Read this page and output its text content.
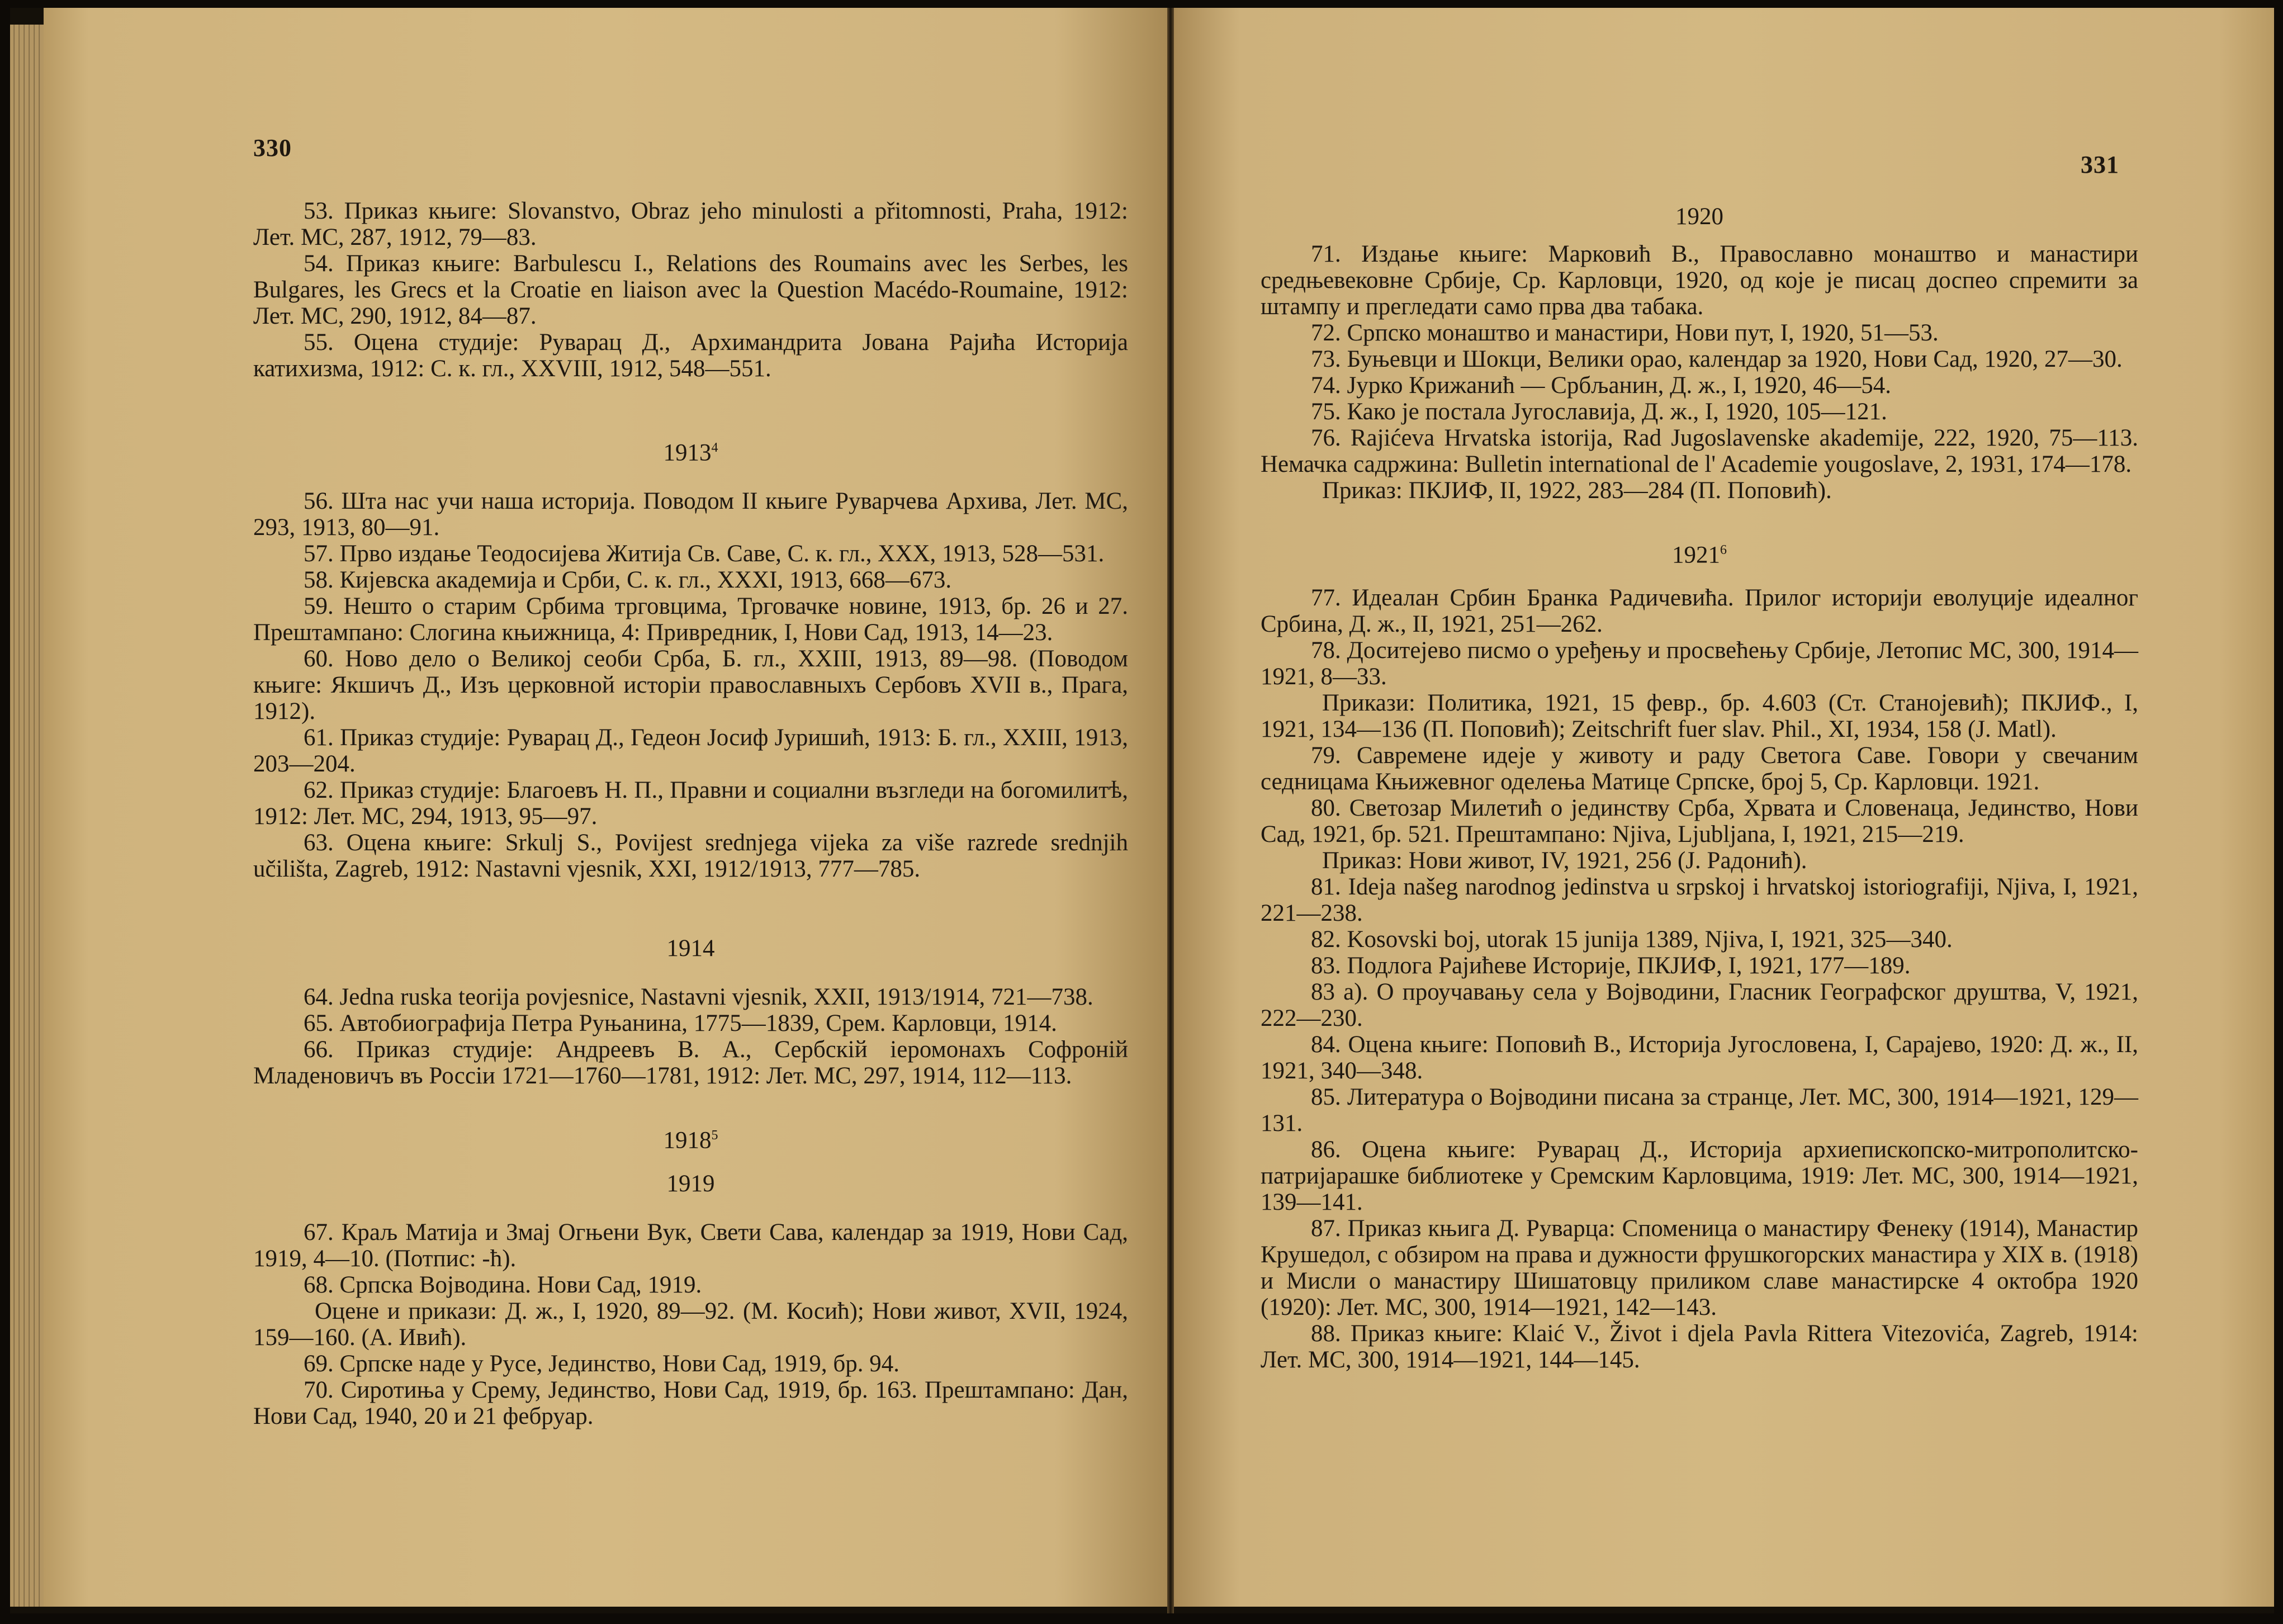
330

53. Приказ књиге: Slovanstvo, Obraz jeho minulosti a přitomnosti, Praha, 1912: Лет. МС, 287, 1912, 79—83.

54. Приказ књиге: Barbulescu I., Relations des Roumains avec les Serbes, les Bulgares, les Grecs et la Croatie en liaison avec la Question Macédo-Roumaine, 1912: Лет. МС, 290, 1912, 84—87.

55. Оцена студије: Руварац Д., Архимандрита Јована Рајића Историја катихизма, 1912: С. к. гл., XXVIII, 1912, 548—551.

1913$^4$

56. Шта нас учи наша историја. Поводом II књиге Руварчева Архива, Лет. МС, 293, 1913, 80—91.

57. Прво издање Теодосијева Житија Св. Саве, С. к. гл., XXX, 1913, 528—531.

58. Кијевска академија и Срби, С. к. гл., XXXI, 1913, 668—673.

59. Нешто о старим Србима трговцима, Трговачке новине, 1913, бр. 26 и 27. Прештампано: Слогина књижница, 4: Привредник, I, Нови Сад, 1913, 14—23.

60. Ново дело о Великој сеоби Срба, Б. гл., XXIII, 1913, 89—98. (Поводом књиге: Якшичъ Д., Изъ церковной исторіи православныхъ Сербовъ XVII в., Прага, 1912).

61. Приказ студије: Руварац Д., Гедеон Јосиф Јуришић, 1913: Б. гл., XXIII, 1913, 203—204.

62. Приказ студије: Благоевъ Н. П., Правни и социални възгледи на богомилитѣ, 1912: Лет. МС, 294, 1913, 95—97.

63. Оцена књиге: Srkulj S., Povijest srednjega vijeka za više razrede srednjih učilišta, Zagreb, 1912: Nastavni vjesnik, XXI, 1912/1913, 777—785.

1914

64. Jedna ruska teorija povjesnice, Nastavni vjesnik, XXII, 1913/1914, 721—738.

65. Автобиографија Петра Руњанина, 1775—1839, Срем. Карловци, 1914.

66. Приказ студије: Андреевъ В. А., Сербскій іеромонахъ Софроній Младеновичъ въ Россіи 1721—1760—1781, 1912: Лет. МС, 297, 1914, 112—113.

1918$^5$
1919

67. Краљ Матија и Змај Огњени Вук, Свети Сава, календар за 1919, Нови Сад, 1919, 4—10. (Потпис: -ћ).

68. Српска Војводина. Нови Сад, 1919.

Оцене и прикази: Д. ж., I, 1920, 89—92. (М. Косић); Нови живот, XVII, 1924, 159—160. (А. Ивић).

69. Српске наде у Русе, Јединство, Нови Сад, 1919, бр. 94.

70. Сиротиња у Срему, Јединство, Нови Сад, 1919, бр. 163. Прештампано: Дан, Нови Сад, 1940, 20 и 21 фебруар.

331
1920

71. Издање књиге: Марковић В., Православно монаштво и манастири средњевековне Србије, Ср. Карловци, 1920, од које је писац доспео спремити за штампу и прегледати само прва два табака.

72. Српско монаштво и манастири, Нови пут, I, 1920, 51—53.

73. Буњевци и Шокци, Велики орао, календар за 1920, Нови Сад, 1920, 27—30.

74. Јурко Крижанић — Србљанин, Д. ж., I, 1920, 46—54.

75. Како је постала Југославија, Д. ж., I, 1920, 105—121.

76. Rajićeva Hrvatska istorija, Rad Jugoslavenske akademije, 222, 1920, 75—113. Немачка садржина: Bulletin international de l' Academie yougoslave, 2, 1931, 174—178.

Приказ: ПКЈИФ, II, 1922, 283—284 (П. Поповић).

1921$^6$

77. Идеалан Србин Бранка Радичевића. Прилог историји еволуције идеалног Србина, Д. ж., II, 1921, 251—262.

78. Доситејево писмо о уређењу и просвећењу Србије, Летопис МС, 300, 1914—1921, 8—33.

Прикази: Политика, 1921, 15 февр., бр. 4.603 (Ст. Станојевић); ПКЈИФ., I, 1921, 134—136 (П. Поповић); Zeitschrift fuer slav. Phil., XI, 1934, 158 (J. Matl).

79. Савремене идеје у животу и раду Светога Саве. Говори у свечаним седницама Књижевног оделења Матице Српске, број 5, Ср. Карловци. 1921.

80. Светозар Милетић о јединству Срба, Хрвата и Словенаца, Јединство, Нови Сад, 1921, бр. 521. Прештампано: Njiva, Ljubljana, I, 1921, 215—219.

Приказ: Нови живот, IV, 1921, 256 (Ј. Радонић).

81. Ideja našeg narodnog jedinstva u srpskoj i hrvatskoj istoriografiji, Njiva, I, 1921, 221—238.

82. Kosovski boj, utorak 15 junija 1389, Njiva, I, 1921, 325—340.

83. Подлога Рајићеве Историје, ПКЈИФ, I, 1921, 177—189.

83 а). О проучавању села у Војводини, Гласник Географског друштва, V, 1921, 222—230.

84. Оцена књиге: Поповић В., Историја Југословена, I, Сарајево, 1920: Д. ж., II, 1921, 340—348.

85. Литература о Војводини писана за странце, Лет. МС, 300, 1914—1921, 129—131.

86. Оцена књиге: Руварац Д., Историја архиепископско-митрополитско-патријарашке библиотеке у Сремским Карловцима, 1919: Лет. МС, 300, 1914—1921, 139—141.

87. Приказ књига Д. Руварца: Споменица о манастиру Фенеку (1914), Манастир Крушедол, с обзиром на права и дужности фрушкогорских манастира у XIX в. (1918) и Мисли о манастиру Шишатовцу приликом славе манастирске 4 октобра 1920 (1920): Лет. МС, 300, 1914—1921, 142—143.

88. Приказ књиге: Klaić V., Život i djela Pavla Rittera Vitezovića, Zagreb, 1914: Лет. МС, 300, 1914—1921, 144—145.
